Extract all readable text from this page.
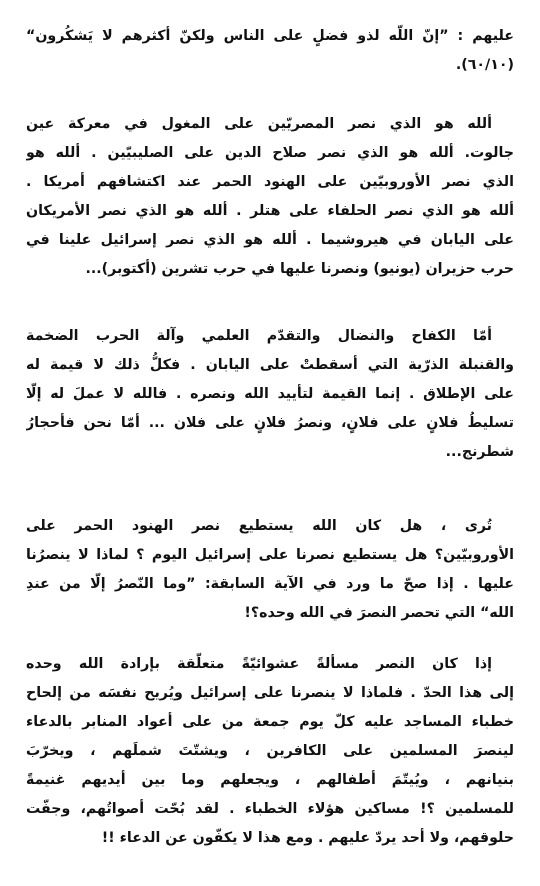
عليهم : ”إنّ اللّه لذو فضلٍ على الناس ولكنّ أكثرهم لا يَشكُرون“
(٦٠/١٠).
ألله هو الذي نصر المصريّين على المغول في معركة عين
جالوت. ألله هو الذي نصر صلاح الدين على الصليبيّين . ألله هو
الذي نصر الأوروبيّين على الهنود الحمر عند اكتشافهم أمريكا .
ألله هو الذي نصر الحلفاء على هتلر . ألله هو الذي نصر الأمريكان
على اليابان في هيروشيما . ألله هو الذي نصر إسرائيل علينا في
حرب حزيران (يونيو) ونصرنا عليها في حرب تشرين (أكتوبر)...
أمّا الكفاح والنضال والتقدّم العلمي وآلة الحرب الضخمة
والقنبلة الذرّية التي أسقطتْ على اليابان . فكلُّ ذلك لا قيمة له
على الإطلاق . إنما القيمة لتأييد الله ونصره . فالله لا عملَ له إلّا
تسليطُ فلانٍ على فلانٍ، ونصرُ فلانٍ على فلان ... أمّا نحن فأحجارُ
شطرنج...
تُرى ، هل كان الله يستطيع نصر الهنود الحمر على
الأوروبيّين؟ هل يستطيع نصرنا على إسرائيل اليوم ؟ لماذا لا ينصرُنا
عليها . إذا صحّ ما ورد في الآية السابقة: ”وما النّصرُ إلّا من عندِ
الله“ التي تحصر النصرَ في الله وحده؟!
إذا كان النصر مسألةً عشوائيّةً متعلّقة بإرادة الله وحده
إلى هذا الحدّ . فلماذا لا ينصرنا على إسرائيل ويُريح نفسَه من إلحاح
خطباء المساجد عليه كلّ يوم جمعة من على أعواد المنابر بالدعاء
لينصرَ المسلمين على الكافرين ، ويشتّتَ شملَهم ، ويخرّبَ
بنيانهم ، ويُيتّمَ أطفالهم ، ويجعلهم وما بين أيديهم غنيمةً
للمسلمين ؟! مساكين هؤلاء الخطباء . لقد بُحّت أصواتُهم، وجفّت
حلوقهم، ولا أحد يردّ عليهم . ومع هذا لا يكفّون عن الدعاء !!
